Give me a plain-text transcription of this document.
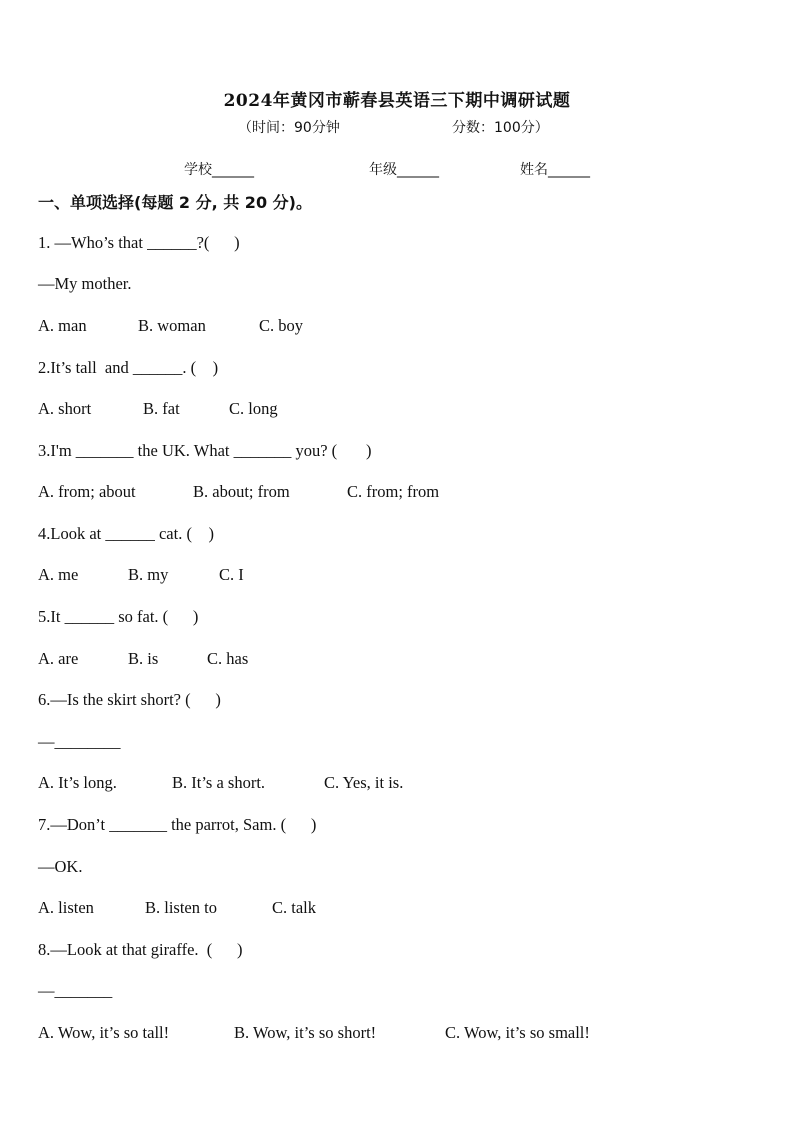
2024年黄冈市蕲春县英语三下期中调研试题
（时间：90分钟	分数：100分）
学校______	年级______	姓名______
一、单项选择(每题 2 分, 共 20 分)。
1. —Who’s that ______?(      )
—My mother.
A. man	B. woman	C. boy
2.It’s tall  and ______. (    )
A. short	B. fat	C. long
3.I'm _______ the UK. What _______ you? (       )
A. from; about	B. about; from	C. from; from
4.Look at ______ cat. (    )
A. me	B. my	C. I
5.It ______ so fat. (      )
A. are	B. is	C. has
6.—Is the skirt short? (      )
—________
A. It’s long.	B. It’s a short.	C. Yes, it is.
7.—Don’t _______ the parrot, Sam. (      )
—OK.
A. listen	B. listen to	C. talk
8.—Look at that giraffe.  (      )
—_______
A. Wow, it’s so tall!	B. Wow, it’s so short!	C. Wow, it’s so small!
